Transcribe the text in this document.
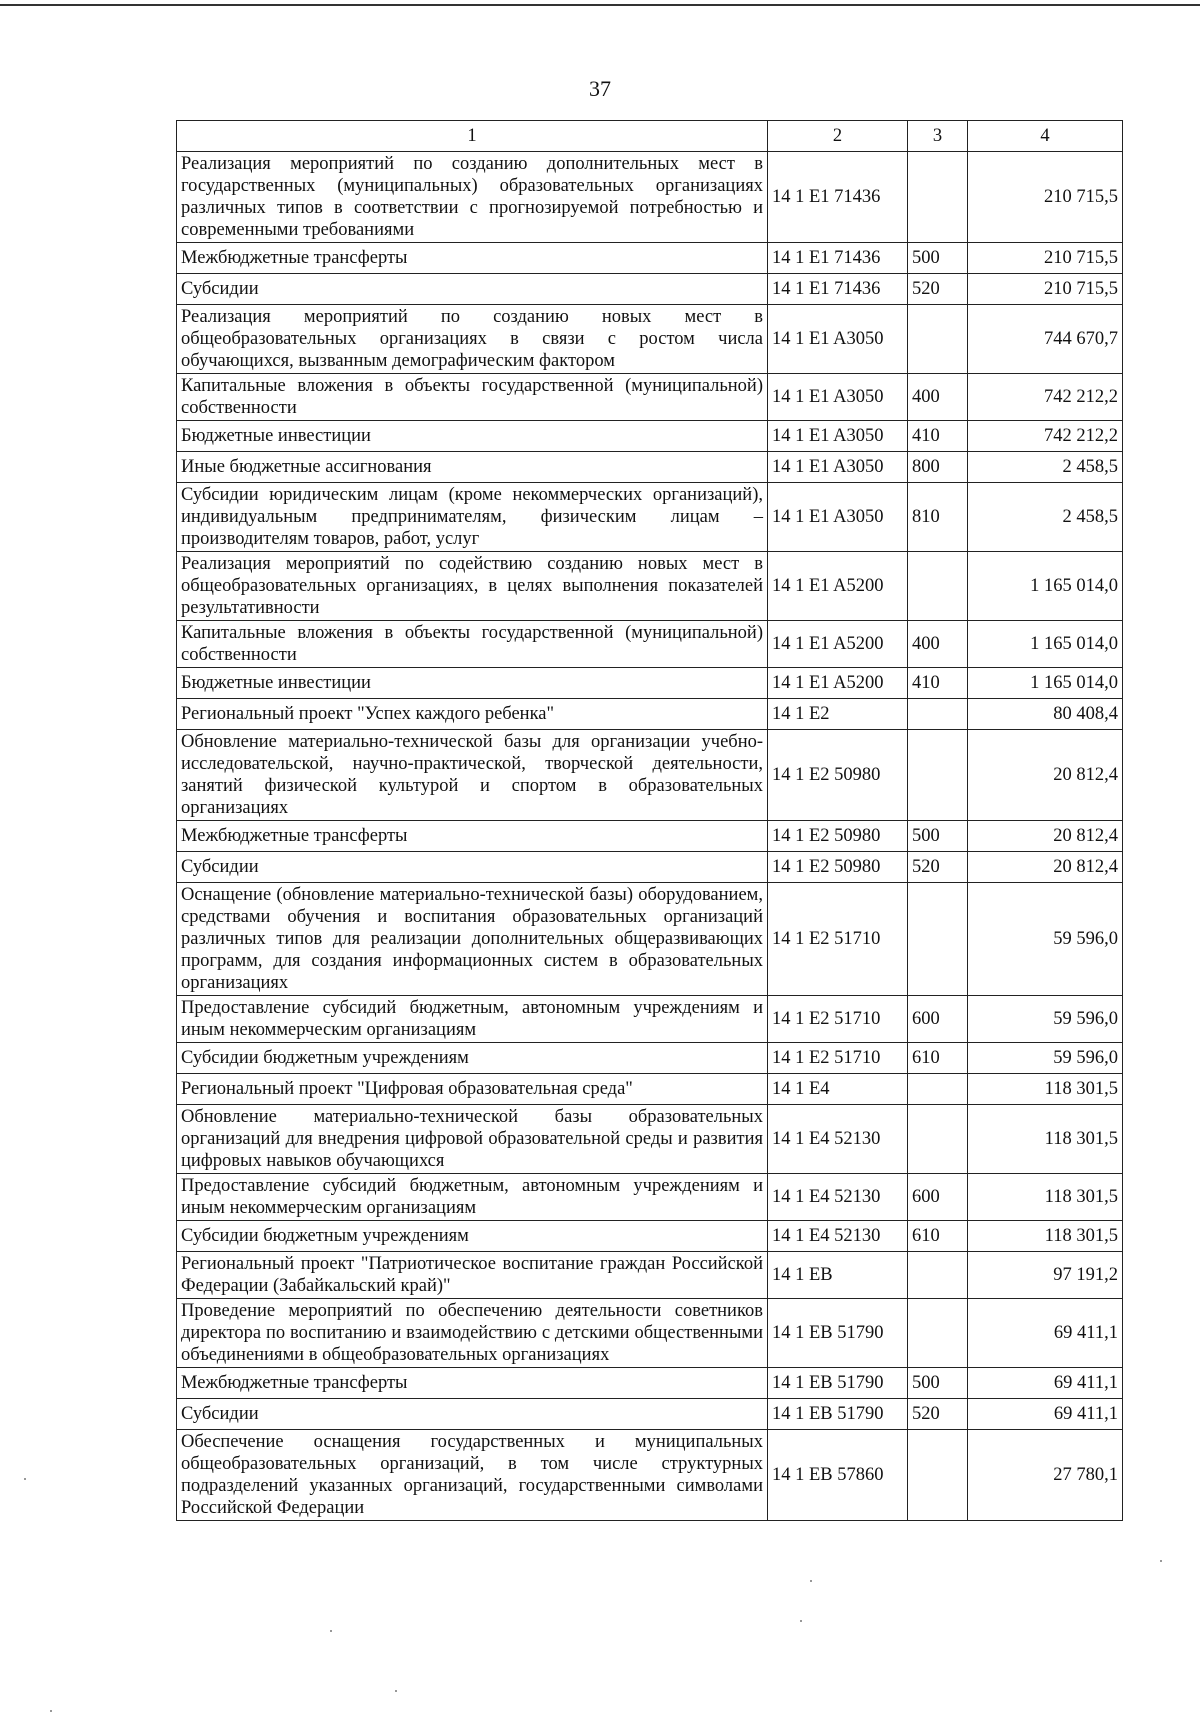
37
1	2	3	4
Реализация мероприятий по созданию дополнительных мест в государственных (муниципальных) образовательных организациях различных типов в соответствии с прогнозируемой потребностью и современными требованиями	14 1 E1 71436		210 715,5
Межбюджетные трансферты	14 1 E1 71436	500	210 715,5
Субсидии	14 1 E1 71436	520	210 715,5
Реализация мероприятий по созданию новых мест в общеобразовательных организациях в связи с ростом числа обучающихся, вызванным демографическим фактором	14 1 E1 A3050		744 670,7
Капитальные вложения в объекты государственной (муниципальной) собственности	14 1 E1 A3050	400	742 212,2
Бюджетные инвестиции	14 1 E1 A3050	410	742 212,2
Иные бюджетные ассигнования	14 1 E1 A3050	800	2 458,5
Субсидии юридическим лицам (кроме некоммерческих организаций), индивидуальным предпринимателям, физическим лицам – производителям товаров, работ, услуг	14 1 E1 A3050	810	2 458,5
Реализация мероприятий по содействию созданию новых мест в общеобразовательных организациях, в целях выполнения показателей результативности	14 1 E1 A5200		1 165 014,0
Капитальные вложения в объекты государственной (муниципальной) собственности	14 1 E1 A5200	400	1 165 014,0
Бюджетные инвестиции	14 1 E1 A5200	410	1 165 014,0
Региональный проект "Успех каждого ребенка"	14 1 E2		80 408,4
Обновление материально-технической базы для организации учебно-исследовательской, научно-практической, творческой деятельности, занятий физической культурой и спортом в образовательных организациях	14 1 E2 50980		20 812,4
Межбюджетные трансферты	14 1 E2 50980	500	20 812,4
Субсидии	14 1 E2 50980	520	20 812,4
Оснащение (обновление материально-технической базы) оборудованием, средствами обучения и воспитания образовательных организаций различных типов для реализации дополнительных общеразвивающих программ, для создания информационных систем в образовательных организациях	14 1 E2 51710		59 596,0
Предоставление субсидий бюджетным, автономным учреждениям и иным некоммерческим организациям	14 1 E2 51710	600	59 596,0
Субсидии бюджетным учреждениям	14 1 E2 51710	610	59 596,0
Региональный проект "Цифровая образовательная среда"	14 1 E4		118 301,5
Обновление материально-технической базы образовательных организаций для внедрения цифровой образовательной среды и развития цифровых навыков обучающихся	14 1 E4 52130		118 301,5
Предоставление субсидий бюджетным, автономным учреждениям и иным некоммерческим организациям	14 1 E4 52130	600	118 301,5
Субсидии бюджетным учреждениям	14 1 E4 52130	610	118 301,5
Региональный проект "Патриотическое воспитание граждан Российской Федерации (Забайкальский край)"	14 1 EB		97 191,2
Проведение мероприятий по обеспечению деятельности советников директора по воспитанию и взаимодействию с детскими общественными объединениями в общеобразовательных организациях	14 1 EB 51790		69 411,1
Межбюджетные трансферты	14 1 EB 51790	500	69 411,1
Субсидии	14 1 EB 51790	520	69 411,1
Обеспечение оснащения государственных и муниципальных общеобразовательных организаций, в том числе структурных подразделений указанных организаций, государственными символами Российской Федерации	14 1 EB 57860		27 780,1
